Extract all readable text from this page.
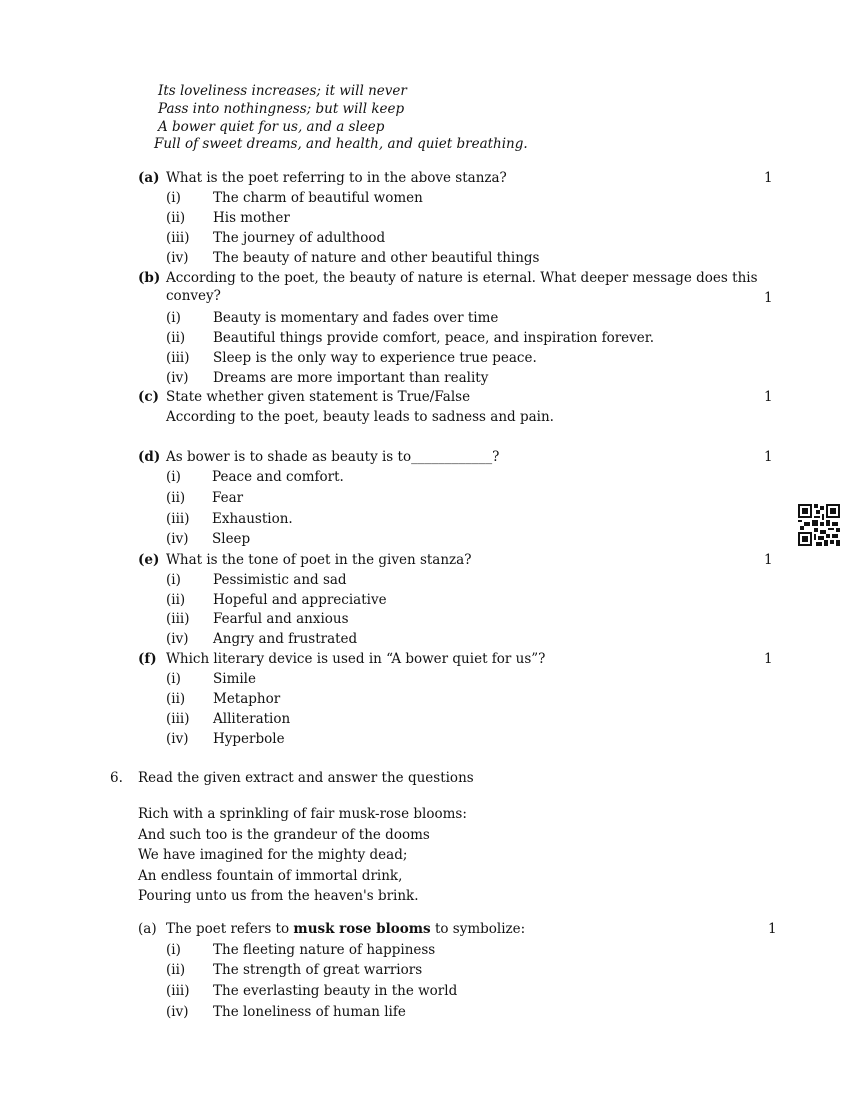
Its loveliness increases; it will never
Pass into nothingness; but will keep
A bower quiet for us, and a sleep
Full of sweet dreams, and health, and quiet breathing.
(a) What is the poet referring to in the above stanza?	1
(i) The charm of beautiful women
(ii) His mother
(iii) The journey of adulthood
(iv) The beauty of nature and other beautiful things
(b) According to the poet, the beauty of nature is eternal. What deeper message does this convey?	1
(i) Beauty is momentary and fades over time
(ii) Beautiful things provide comfort, peace, and inspiration forever.
(iii) Sleep is the only way to experience true peace.
(iv) Dreams are more important than reality
(c) State whether given statement is True/False	1
According to the poet, beauty leads to sadness and pain.
(d) As bower is to shade as beauty is to____________?	1
(i) Peace and comfort.
(ii) Fear
(iii) Exhaustion.
(iv) Sleep
(e) What is the tone of poet in the given stanza?	1
(i) Pessimistic and sad
(ii) Hopeful and appreciative
(iii) Fearful and anxious
(iv) Angry and frustrated
(f) Which literary device is used in “A bower quiet for us”?	1
(i) Simile
(ii) Metaphor
(iii) Alliteration
(iv) Hyperbole
6. Read the given extract and answer the questions
Rich with a sprinkling of fair musk-rose blooms:
And such too is the grandeur of the dooms
We have imagined for the mighty dead;
An endless fountain of immortal drink,
Pouring unto us from the heaven's brink.
(a) The poet refers to musk rose blooms to symbolize:	1
(i) The fleeting nature of happiness
(ii) The strength of great warriors
(iii) The everlasting beauty in the world
(iv) The loneliness of human life
